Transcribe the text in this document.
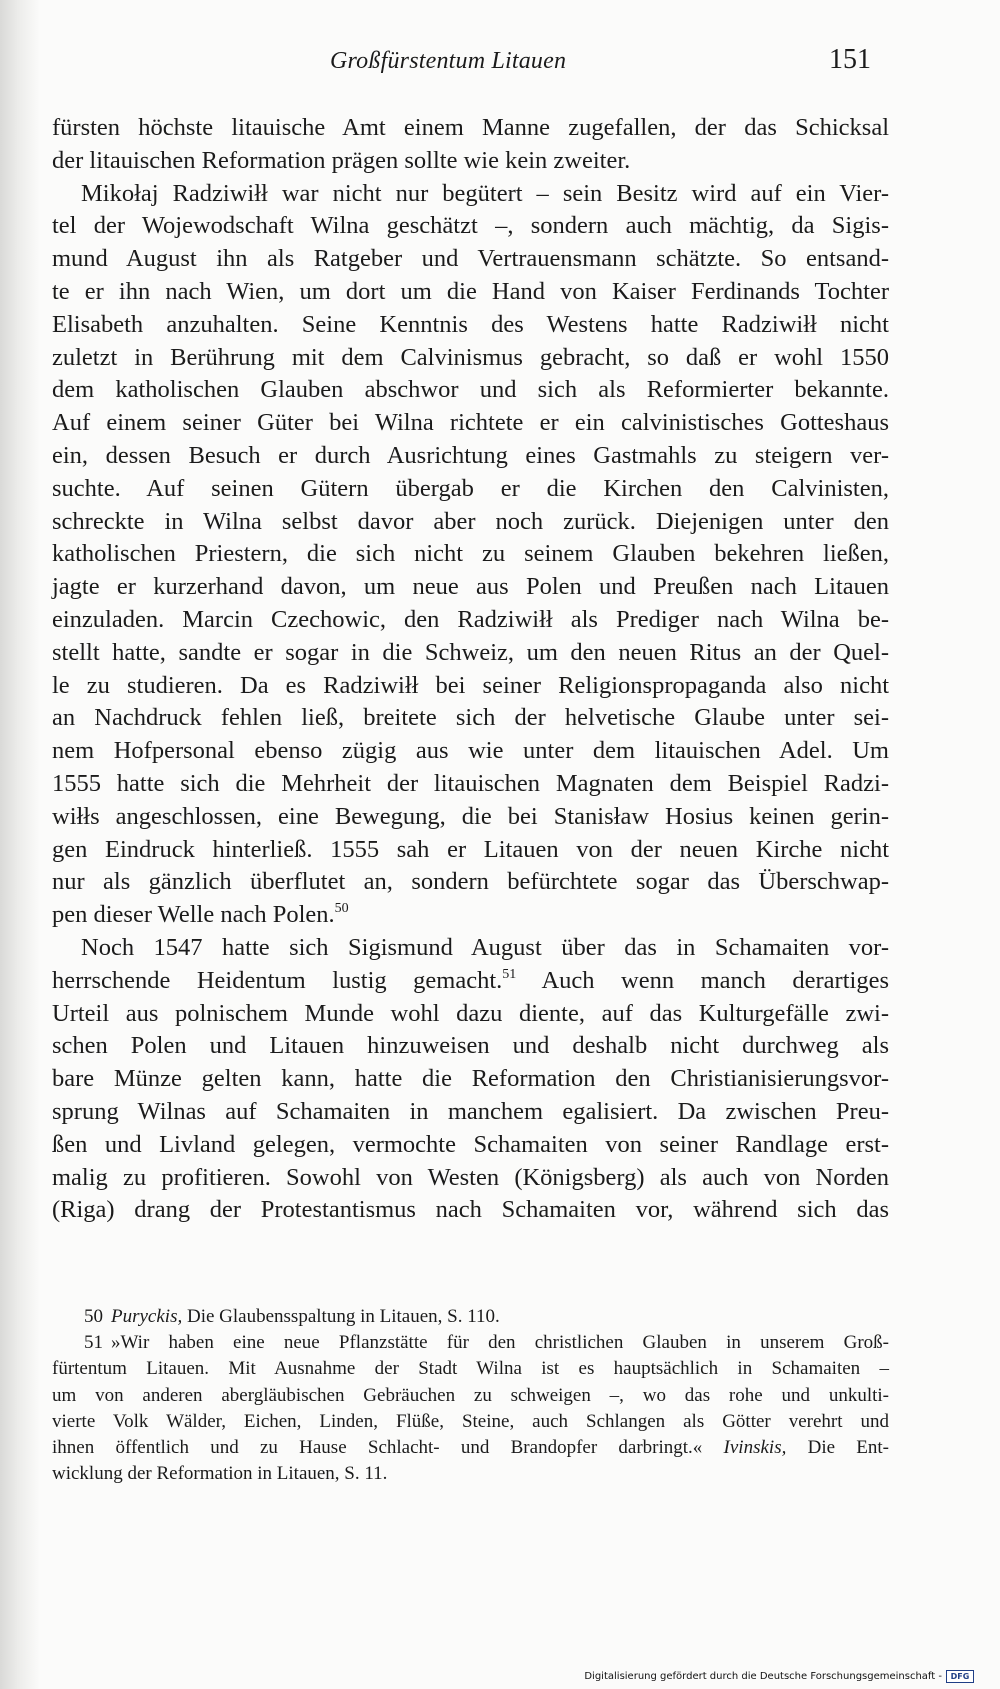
Großfürstentum Litauen	151
fürsten höchste litauische Amt einem Manne zugefallen, der das Schicksal
der litauischen Reformation prägen sollte wie kein zweiter.
Mikołaj Radziwiłł war nicht nur begütert – sein Besitz wird auf ein Vier-
tel der Wojewodschaft Wilna geschätzt –, sondern auch mächtig, da Sigis-
mund August ihn als Ratgeber und Vertrauensmann schätzte. So entsand-
te er ihn nach Wien, um dort um die Hand von Kaiser Ferdinands Tochter
Elisabeth anzuhalten. Seine Kenntnis des Westens hatte Radziwiłł nicht
zuletzt in Berührung mit dem Calvinismus gebracht, so daß er wohl 1550
dem katholischen Glauben abschwor und sich als Reformierter bekannte.
Auf einem seiner Güter bei Wilna richtete er ein calvinistisches Gotteshaus
ein, dessen Besuch er durch Ausrichtung eines Gastmahls zu steigern ver-
suchte. Auf seinen Gütern übergab er die Kirchen den Calvinisten,
schreckte in Wilna selbst davor aber noch zurück. Diejenigen unter den
katholischen Priestern, die sich nicht zu seinem Glauben bekehren ließen,
jagte er kurzerhand davon, um neue aus Polen und Preußen nach Litauen
einzuladen. Marcin Czechowic, den Radziwiłł als Prediger nach Wilna be-
stellt hatte, sandte er sogar in die Schweiz, um den neuen Ritus an der Quel-
le zu studieren. Da es Radziwiłł bei seiner Religionspropaganda also nicht
an Nachdruck fehlen ließ, breitete sich der helvetische Glaube unter sei-
nem Hofpersonal ebenso zügig aus wie unter dem litauischen Adel. Um
1555 hatte sich die Mehrheit der litauischen Magnaten dem Beispiel Radzi-
wiłłs angeschlossen, eine Bewegung, die bei Stanisław Hosius keinen gerin-
gen Eindruck hinterließ. 1555 sah er Litauen von der neuen Kirche nicht
nur als gänzlich überflutet an, sondern befürchtete sogar das Überschwap-
pen dieser Welle nach Polen.$^{50}$
Noch 1547 hatte sich Sigismund August über das in Schamaiten vor-
herrschende Heidentum lustig gemacht.$^{51}$ Auch wenn manch derartiges
Urteil aus polnischem Munde wohl dazu diente, auf das Kulturgefälle zwi-
schen Polen und Litauen hinzuweisen und deshalb nicht durchweg als
bare Münze gelten kann, hatte die Reformation den Christianisierungsvor-
sprung Wilnas auf Schamaiten in manchem egalisiert. Da zwischen Preu-
ßen und Livland gelegen, vermochte Schamaiten von seiner Randlage erst-
malig zu profitieren. Sowohl von Westen (Königsberg) als auch von Norden
(Riga) drang der Protestantismus nach Schamaiten vor, während sich das
50 Puryckis, Die Glaubensspaltung in Litauen, S. 110.
51 »Wir haben eine neue Pflanzstätte für den christlichen Glauben in unserem Groß-
fürtentum Litauen. Mit Ausnahme der Stadt Wilna ist es hauptsächlich in Schamaiten –
um von anderen abergläubischen Gebräuchen zu schweigen –, wo das rohe und unkulti-
vierte Volk Wälder, Eichen, Linden, Flüße, Steine, auch Schlangen als Götter verehrt und
ihnen öffentlich und zu Hause Schlacht- und Brandopfer darbringt.« Ivinskis, Die Ent-
wicklung der Reformation in Litauen, S. 11.
Digitalisierung gefördert durch die Deutsche Forschungsgemeinschaft -	DFG
